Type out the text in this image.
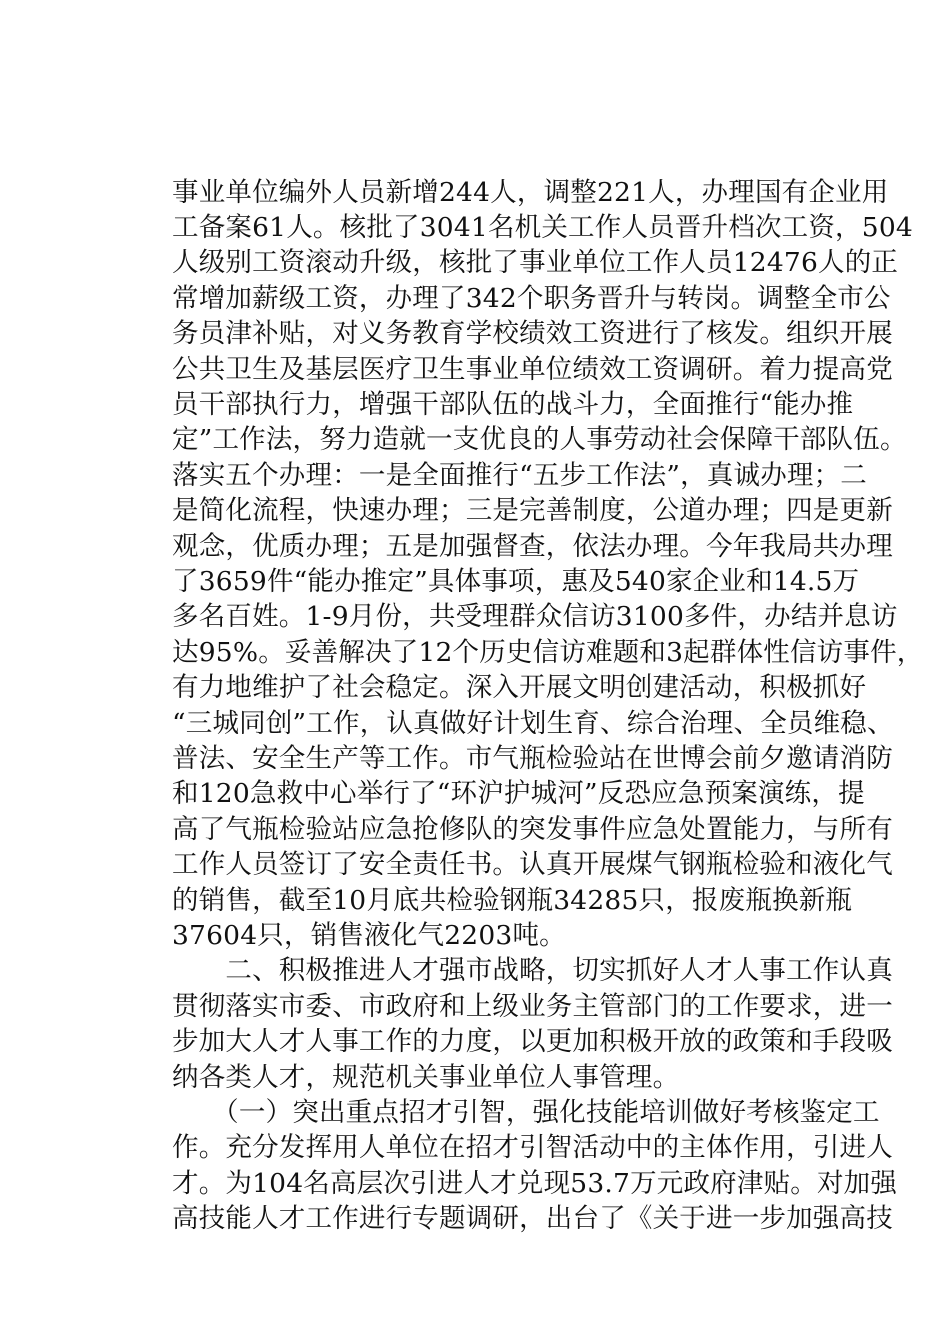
事业单位编外人员新增244人，调整221人，办理国有企业用
工备案61人。核批了3041名机关工作人员晋升档次工资，504
人级别工资滚动升级，核批了事业单位工作人员12476人的正
常增加薪级工资，办理了342个职务晋升与转岗。调整全市公
务员津补贴，对义务教育学校绩效工资进行了核发。组织开展
公共卫生及基层医疗卫生事业单位绩效工资调研。着力提高党
员干部执行力，增强干部队伍的战斗力，全面推行“能办推
定”工作法，努力造就一支优良的人事劳动社会保障干部队伍。
落实五个办理：一是全面推行“五步工作法”，真诚办理；二
是简化流程，快速办理；三是完善制度，公道办理；四是更新
观念，优质办理；五是加强督查，依法办理。今年我局共办理
了3659件“能办推定”具体事项，惠及540家企业和14.5万
多名百姓。1-9月份，共受理群众信访3100多件，办结并息访
达95%。妥善解决了12个历史信访难题和3起群体性信访事件，
有力地维护了社会稳定。深入开展文明创建活动，积极抓好
“三城同创”工作，认真做好计划生育、综合治理、全员维稳、
普法、安全生产等工作。市气瓶检验站在世博会前夕邀请消防
和120急救中心举行了“环沪护城河”反恐应急预案演练，提
高了气瓶检验站应急抢修队的突发事件应急处置能力，与所有
工作人员签订了安全责任书。认真开展煤气钢瓶检验和液化气
的销售，截至10月底共检验钢瓶34285只，报废瓶换新瓶
37604只，销售液化气2203吨。
　　二、积极推进人才强市战略，切实抓好人才人事工作认真
贯彻落实市委、市政府和上级业务主管部门的工作要求，进一
步加大人才人事工作的力度，以更加积极开放的政策和手段吸
纳各类人才，规范机关事业单位人事管理。
　　（一）突出重点招才引智，强化技能培训做好考核鉴定工
作。充分发挥用人单位在招才引智活动中的主体作用，引进人
才。为104名高层次引进人才兑现53.7万元政府津贴。对加强
高技能人才工作进行专题调研，出台了《关于进一步加强高技
